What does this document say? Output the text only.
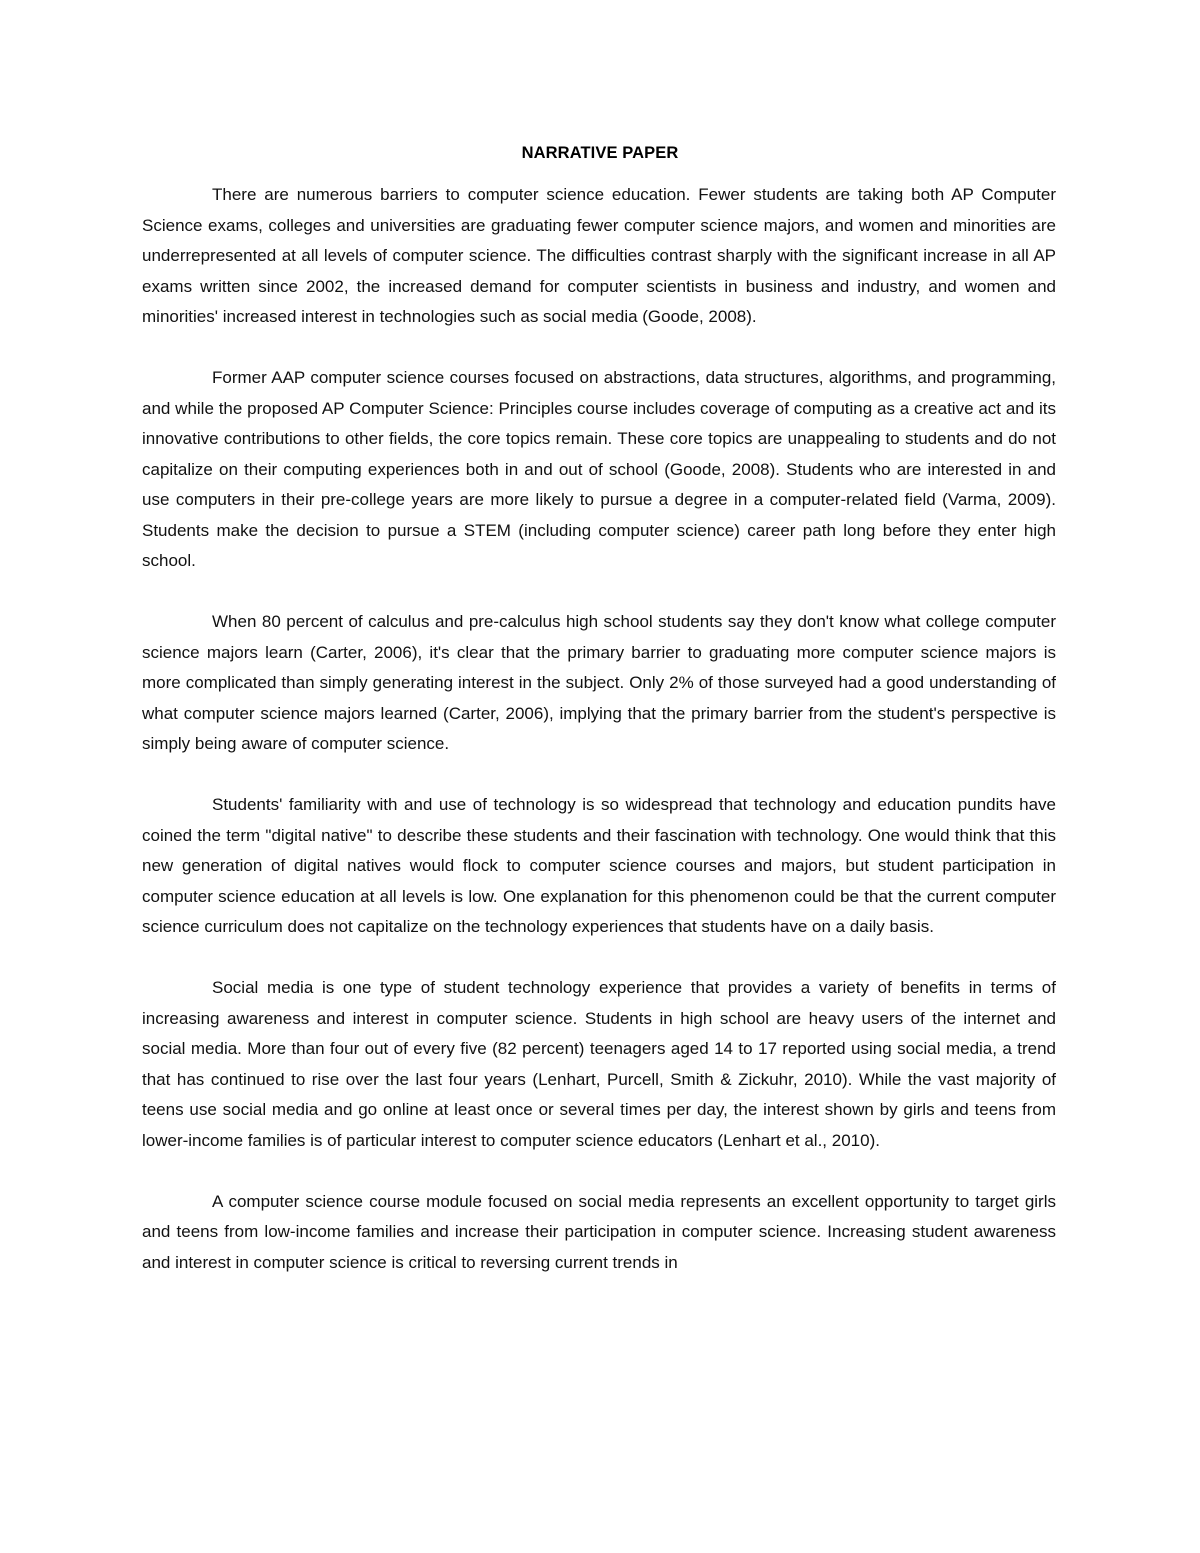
NARRATIVE PAPER

There are numerous barriers to computer science education. Fewer students are taking both AP Computer Science exams, colleges and universities are graduating fewer computer science majors, and women and minorities are underrepresented at all levels of computer science. The difficulties contrast sharply with the significant increase in all AP exams written since 2002, the increased demand for computer scientists in business and industry, and women and minorities' increased interest in technologies such as social media (Goode, 2008).

Former AAP computer science courses focused on abstractions, data structures, algorithms, and programming, and while the proposed AP Computer Science: Principles course includes coverage of computing as a creative act and its innovative contributions to other fields, the core topics remain. These core topics are unappealing to students and do not capitalize on their computing experiences both in and out of school (Goode, 2008). Students who are interested in and use computers in their pre-college years are more likely to pursue a degree in a computer-related field (Varma, 2009). Students make the decision to pursue a STEM (including computer science) career path long before they enter high school.

When 80 percent of calculus and pre-calculus high school students say they don't know what college computer science majors learn (Carter, 2006), it's clear that the primary barrier to graduating more computer science majors is more complicated than simply generating interest in the subject. Only 2% of those surveyed had a good understanding of what computer science majors learned (Carter, 2006), implying that the primary barrier from the student's perspective is simply being aware of computer science.

Students' familiarity with and use of technology is so widespread that technology and education pundits have coined the term "digital native" to describe these students and their fascination with technology. One would think that this new generation of digital natives would flock to computer science courses and majors, but student participation in computer science education at all levels is low. One explanation for this phenomenon could be that the current computer science curriculum does not capitalize on the technology experiences that students have on a daily basis.

Social media is one type of student technology experience that provides a variety of benefits in terms of increasing awareness and interest in computer science. Students in high school are heavy users of the internet and social media. More than four out of every five (82 percent) teenagers aged 14 to 17 reported using social media, a trend that has continued to rise over the last four years (Lenhart, Purcell, Smith & Zickuhr, 2010). While the vast majority of teens use social media and go online at least once or several times per day, the interest shown by girls and teens from lower-income families is of particular interest to computer science educators (Lenhart et al., 2010).

A computer science course module focused on social media represents an excellent opportunity to target girls and teens from low-income families and increase their participation in computer science. Increasing student awareness and interest in computer science is critical to reversing current trends in
